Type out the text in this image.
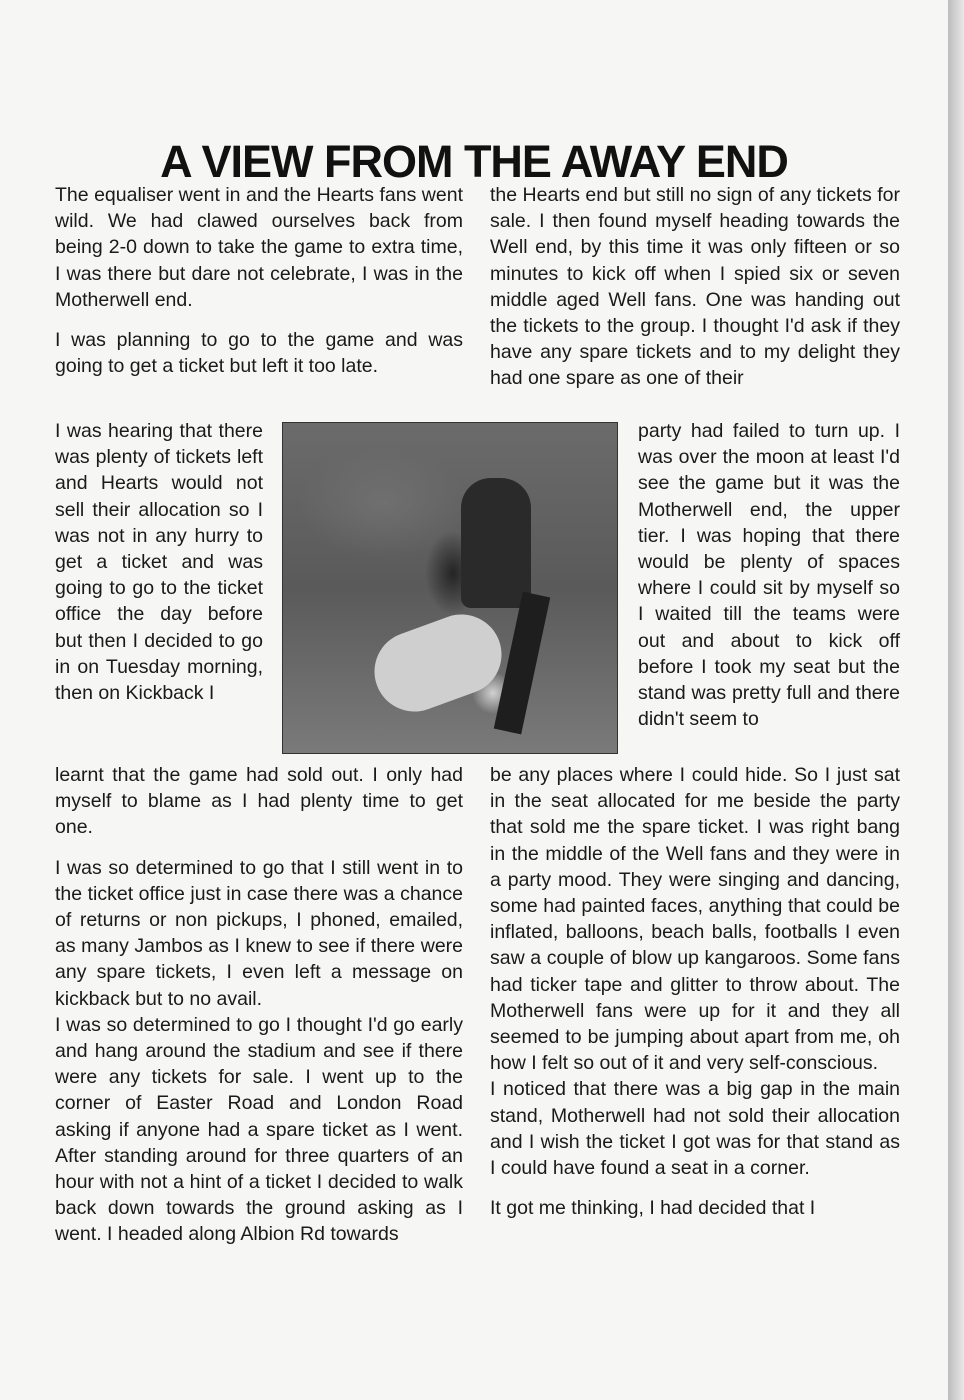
A VIEW FROM THE AWAY END

The equaliser went in and the Hearts fans went wild. We had clawed ourselves back from being 2-0 down to take the game to extra time, I was there but dare not celebrate, I was in the Motherwell end.

I was planning to go to the game and was going to get a ticket but left it too late.

I was hearing that there was plenty of tickets left and Hearts would not sell their allocation so I was not in any hurry to get a ticket and was going to go to the ticket office the day before but then I decided to go in on Tuesday morning, then on Kickback I

learnt that the game had sold out. I only had myself to blame as I had plenty time to get one.

I was so determined to go that I still went in to the ticket office just in case there was a chance of returns or non pickups, I phoned, emailed, as many Jambos as I knew to see if there were any spare tickets, I even left a message on kickback but to no avail.

I was so determined to go I thought I'd go early and hang around the stadium and see if there were any tickets for sale. I went up to the corner of Easter Road and London Road asking if anyone had a spare ticket as I went. After standing around for three quarters of an hour with not a hint of a ticket I decided to walk back down towards the ground asking as I went. I headed along Albion Rd towards

the Hearts end but still no sign of any tickets for sale. I then found myself heading towards the Well end, by this time it was only fifteen or so minutes to kick off when I spied six or seven middle aged Well fans. One was handing out the tickets to the group. I thought I'd ask if they have any spare tickets and to my delight they had one spare as one of their
party had failed to turn up. I was over the moon at least I'd see the game but it was the Motherwell end, the upper tier. I was hoping that there would be plenty of spaces where I could sit by myself so I waited till the teams were out and about to kick off before I took my seat but the stand was pretty full and there didn't seem to

be any places where I could hide. So I just sat in the seat allocated for me beside the party that sold me the spare ticket. I was right bang in the middle of the Well fans and they were in a party mood. They were singing and dancing, some had painted faces, anything that could be inflated, balloons, beach balls, footballs I even saw a couple of blow up kangaroos. Some fans had ticker tape and glitter to throw about. The Motherwell fans were up for it and they all seemed to be jumping about apart from me, oh how I felt so out of it and very self-conscious.

I noticed that there was a big gap in the main stand, Motherwell had not sold their allocation and I wish the ticket I got was for that stand as I could have found a seat in a corner.

It got me thinking, I had decided that I
